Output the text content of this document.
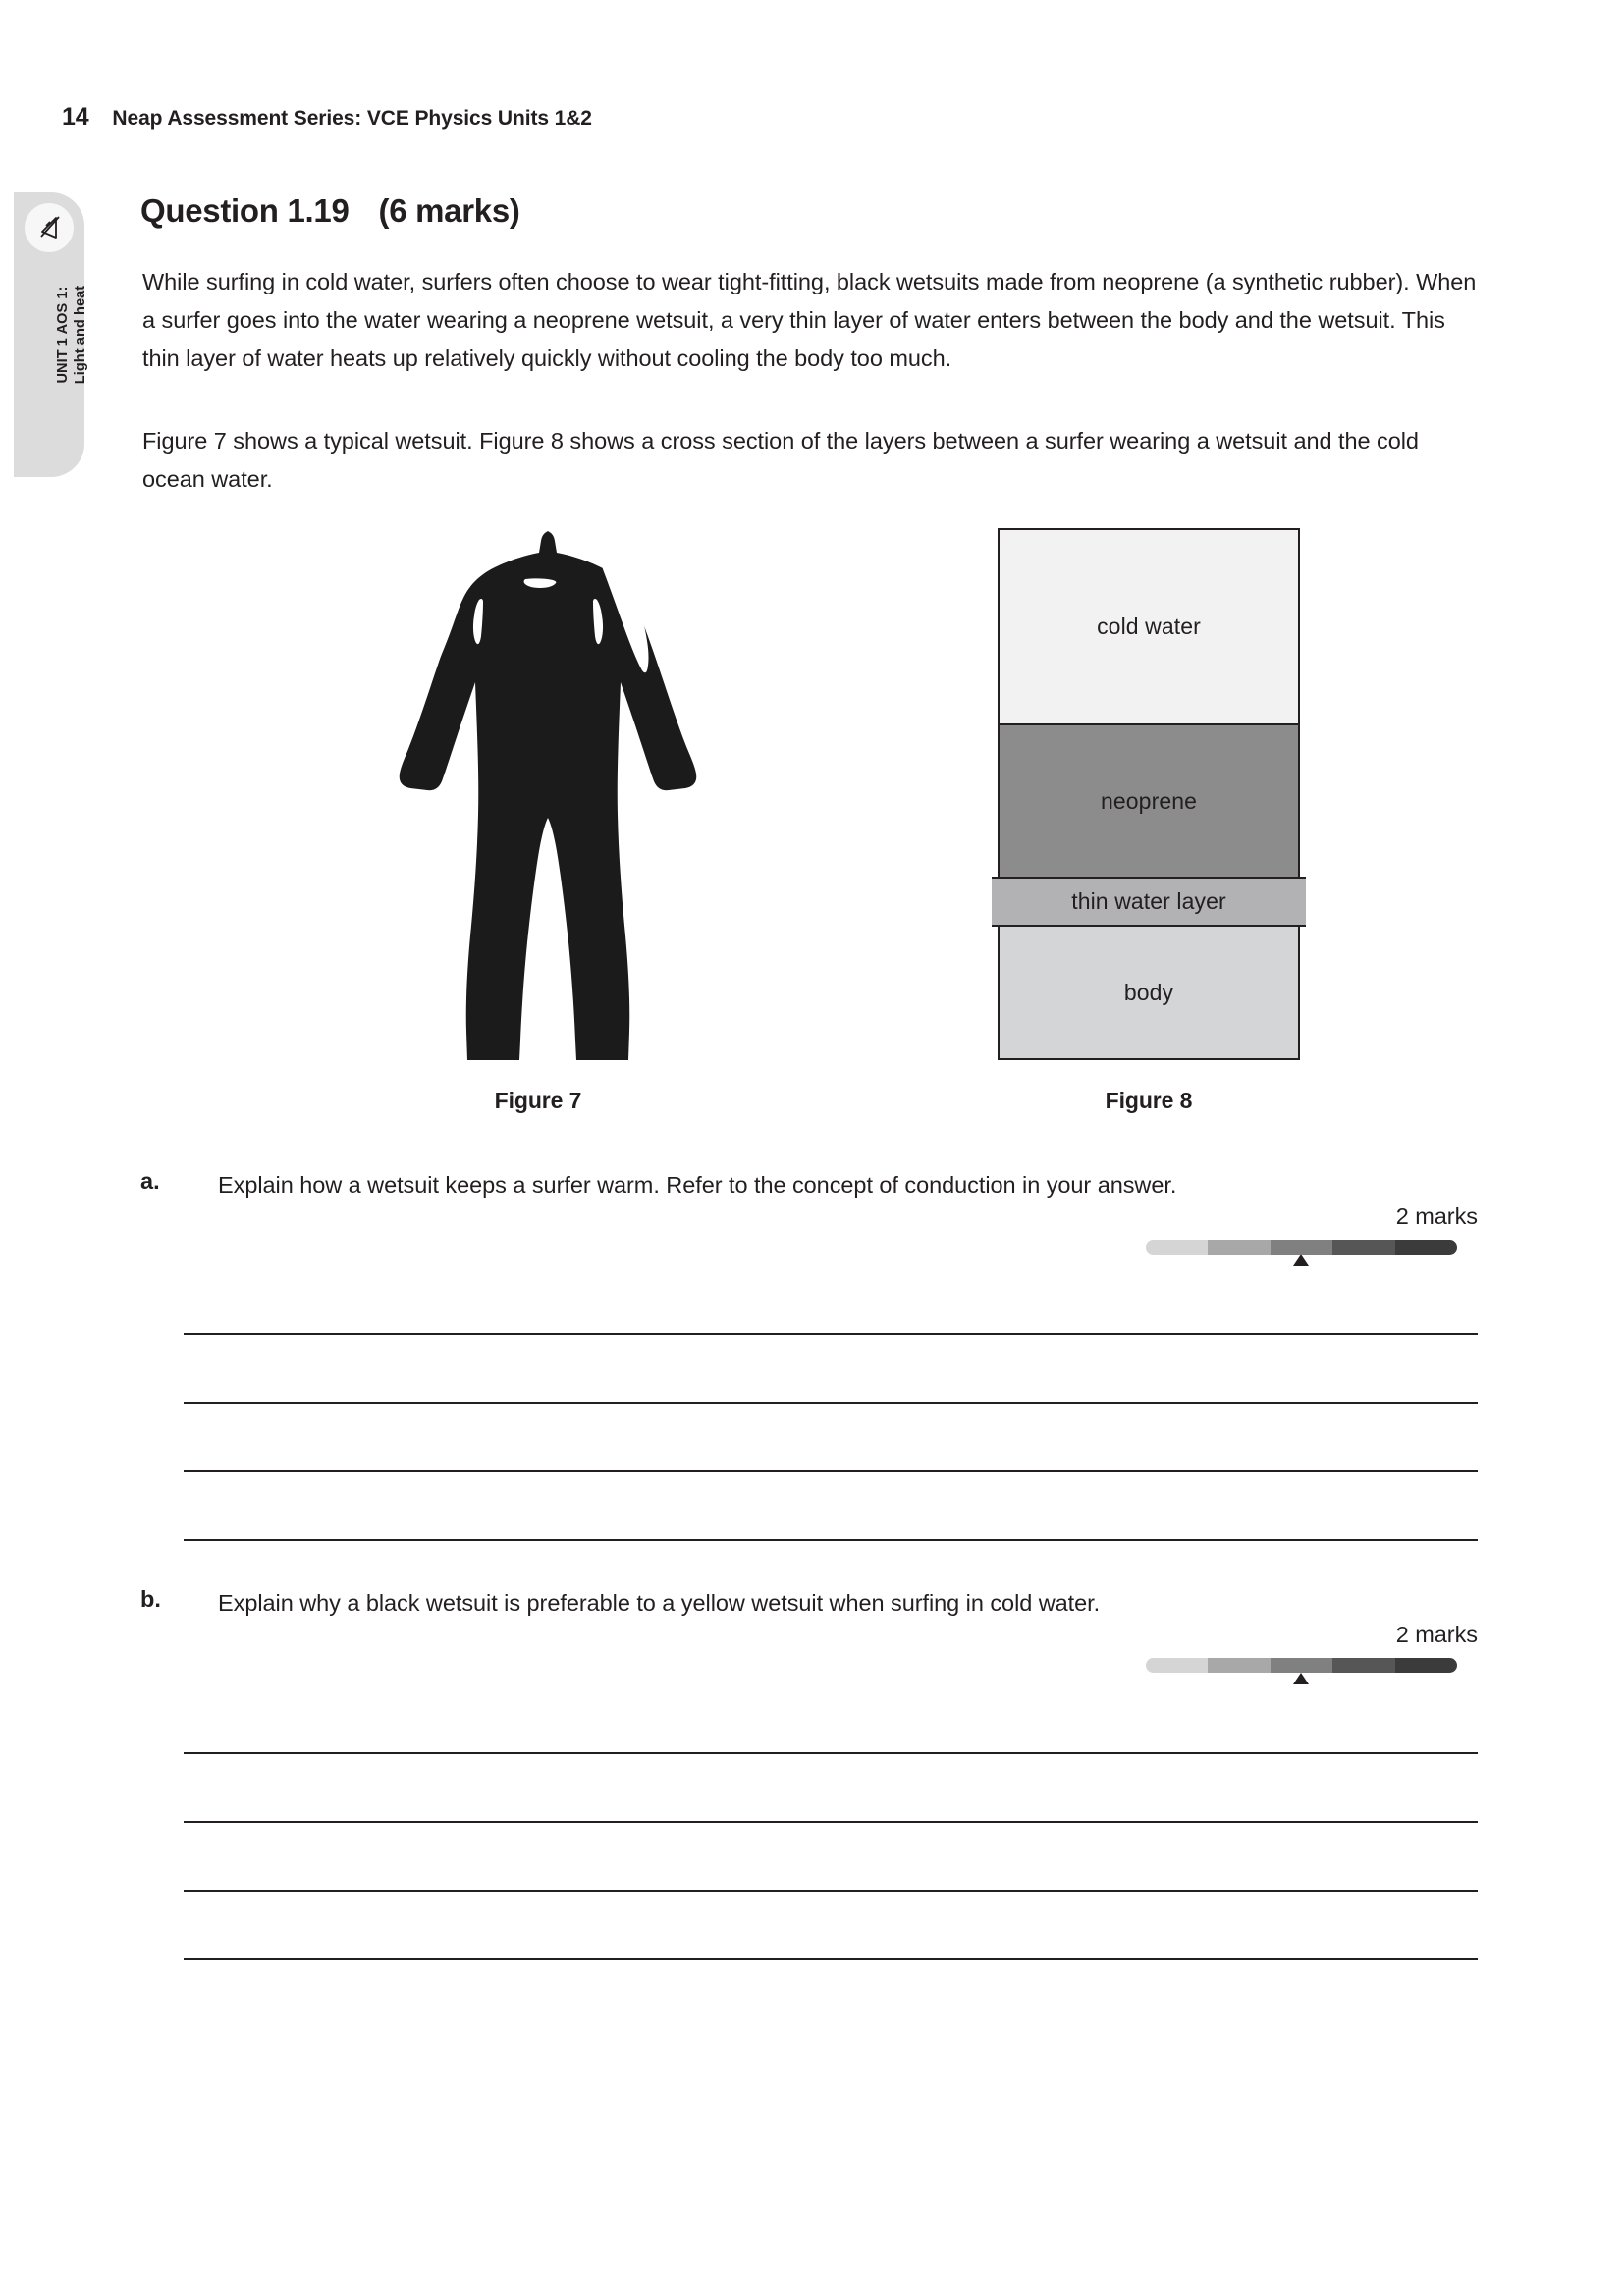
14 Neap Assessment Series: VCE Physics Units 1&2
UNIT 1 AOS 1: Light and heat
Question 1.19 (6 marks)
While surfing in cold water, surfers often choose to wear tight-fitting, black wetsuits made from neoprene (a synthetic rubber). When a surfer goes into the water wearing a neoprene wetsuit, a very thin layer of water enters between the body and the wetsuit. This thin layer of water heats up relatively quickly without cooling the body too much.
Figure 7 shows a typical wetsuit. Figure 8 shows a cross section of the layers between a surfer wearing a wetsuit and the cold ocean water.
cold water
neoprene
thin water layer
body
Figure 7	Figure 8
a.	Explain how a wetsuit keeps a surfer warm. Refer to the concept of conduction in your answer.
2 marks
b. Explain why a black wetsuit is preferable to a yellow wetsuit when surfing in cold water.
2 marks
